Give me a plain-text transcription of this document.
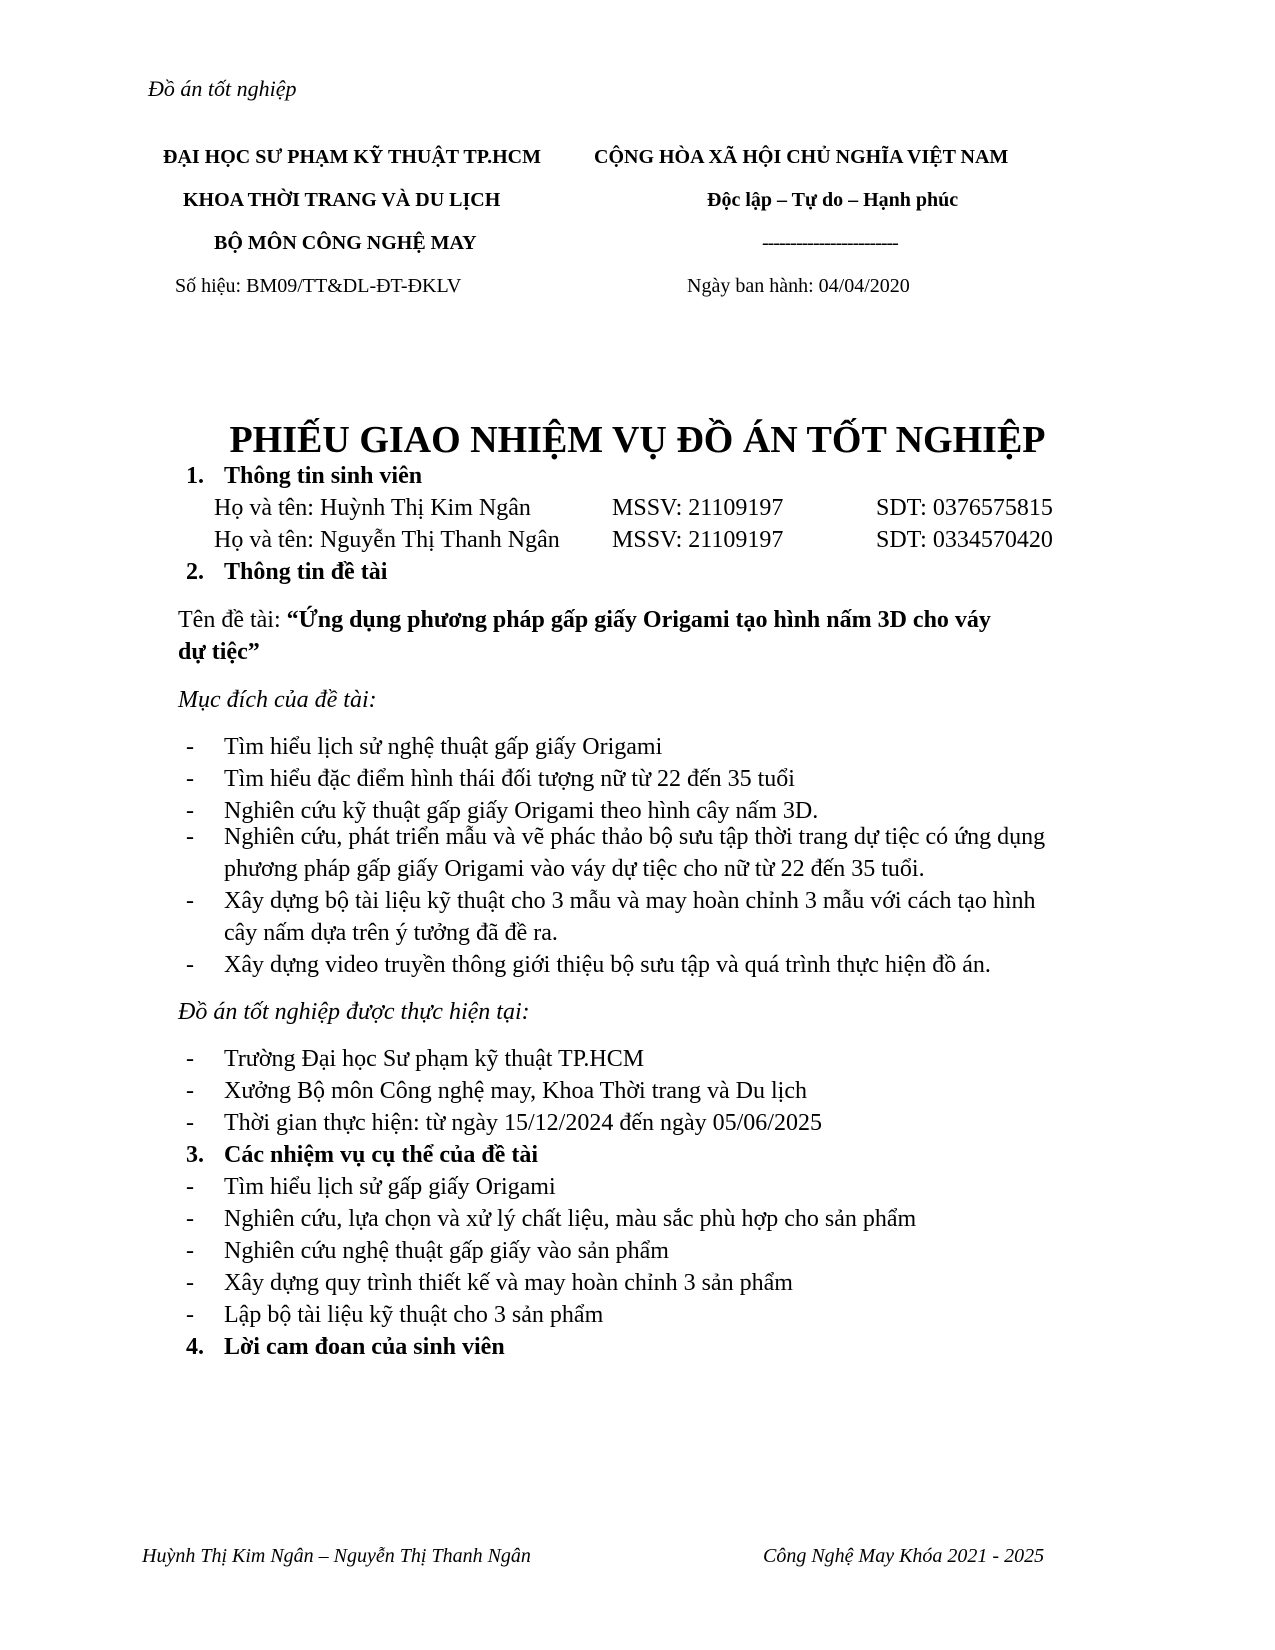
Đồ án tốt nghiệp
ĐẠI HỌC SƯ PHẠM KỸ THUẬT TP.HCM	CỘNG HÒA XÃ HỘI CHỦ NGHĨA VIỆT NAM
KHOA THỜI TRANG VÀ DU LỊCH	Độc lập – Tự do – Hạnh phúc
BỘ MÔN CÔNG NGHỆ MAY	------------------------
Số hiệu: BM09/TT&DL-ĐT-ĐKLV	Ngày ban hành: 04/04/2020
PHIẾU GIAO NHIỆM VỤ ĐỒ ÁN TỐT NGHIỆP
1. Thông tin sinh viên
Họ và tên: Huỳnh Thị Kim Ngân	MSSV: 21109197	SDT: 0376575815
Họ và tên: Nguyễn Thị Thanh Ngân MSSV: 21109197	SDT: 0334570420
2. Thông tin đề tài
Tên đề tài: “Ứng dụng phương pháp gấp giấy Origami tạo hình nấm 3D cho váy
dự tiệc”
Mục đích của đề tài:
- Tìm hiểu lịch sử nghệ thuật gấp giấy Origami
- Tìm hiểu đặc điểm hình thái đối tượng nữ từ 22 đến 35 tuổi
- Nghiên cứu kỹ thuật gấp giấy Origami theo hình cây nấm 3D.
- Nghiên cứu, phát triển mẫu và vẽ phác thảo bộ sưu tập thời trang dự tiệc có ứng dụng phương pháp gấp giấy Origami vào váy dự tiệc cho nữ từ 22 đến 35 tuổi.
- Xây dựng bộ tài liệu kỹ thuật cho 3 mẫu và may hoàn chỉnh 3 mẫu với cách tạo hình cây nấm dựa trên ý tưởng đã đề ra.
- Xây dựng video truyền thông giới thiệu bộ sưu tập và quá trình thực hiện đồ án.
Đồ án tốt nghiệp được thực hiện tại:
- Trường Đại học Sư phạm kỹ thuật TP.HCM
- Xưởng Bộ môn Công nghệ may, Khoa Thời trang và Du lịch
- Thời gian thực hiện: từ ngày 15/12/2024 đến ngày 05/06/2025
3. Các nhiệm vụ cụ thể của đề tài
- Tìm hiểu lịch sử gấp giấy Origami
- Nghiên cứu, lựa chọn và xử lý chất liệu, màu sắc phù hợp cho sản phẩm
- Nghiên cứu nghệ thuật gấp giấy vào sản phẩm
- Xây dựng quy trình thiết kế và may hoàn chỉnh 3 sản phẩm
- Lập bộ tài liệu kỹ thuật cho 3 sản phẩm
4. Lời cam đoan của sinh viên
Huỳnh Thị Kim Ngân – Nguyễn Thị Thanh Ngân	Công Nghệ May Khóa 2021 - 2025
